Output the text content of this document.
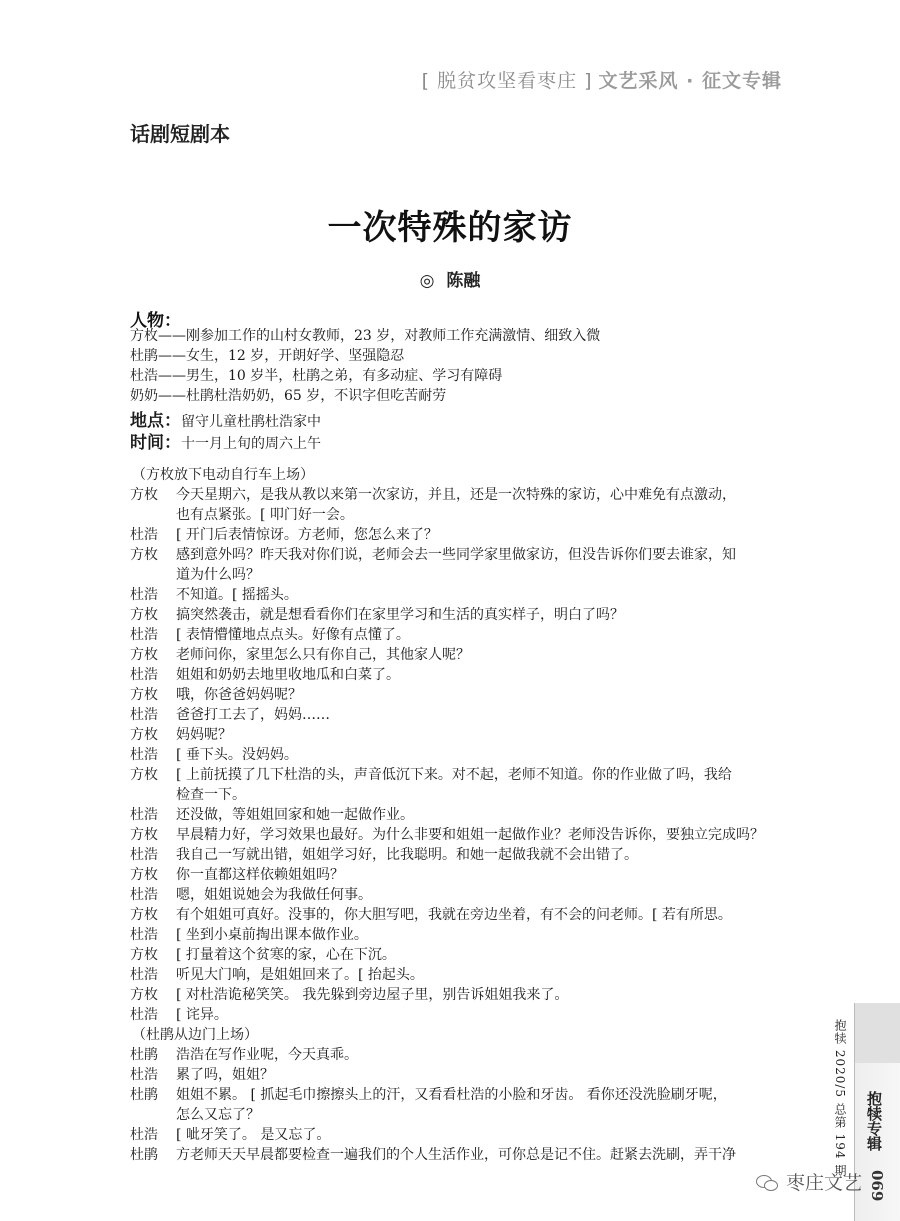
[ 脱贫攻坚看枣庄 ] 文艺采风 · 征文专辑
话剧短剧本
一次特殊的家访
◎ 陈融
人物：
方枚——刚参加工作的山村女教师，23 岁，对教师工作充满激情、细致入微
杜鹃——女生，12 岁，开朗好学、坚强隐忍
杜浩——男生，10 岁半，杜鹃之弟，有多动症、学习有障碍
奶奶——杜鹃杜浩奶奶，65 岁，不识字但吃苦耐劳
地点：留守儿童杜鹃杜浩家中
时间：十一月上旬的周六上午
（方枚放下电动自行车上场）
方枚	今天星期六，是我从教以来第一次家访，并且，还是一次特殊的家访，心中难免有点激动，
也有点紧张。[ 叩门好一会。
杜浩	[ 开门后表情惊讶。方老师，您怎么来了？
方枚	感到意外吗？昨天我对你们说，老师会去一些同学家里做家访，但没告诉你们要去谁家，知
道为什么吗？
杜浩	不知道。[ 摇摇头。
方枚	搞突然袭击，就是想看看你们在家里学习和生活的真实样子，明白了吗？
杜浩	[ 表情懵懂地点点头。好像有点懂了。
方枚	老师问你，家里怎么只有你自己，其他家人呢？
杜浩	姐姐和奶奶去地里收地瓜和白菜了。
方枚	哦，你爸爸妈妈呢？
杜浩	爸爸打工去了，妈妈……
方枚	妈妈呢？
杜浩	[ 垂下头。没妈妈。
方枚	[ 上前抚摸了几下杜浩的头，声音低沉下来。对不起，老师不知道。你的作业做了吗，我给
检查一下。
杜浩	还没做，等姐姐回家和她一起做作业。
方枚	早晨精力好，学习效果也最好。为什么非要和姐姐一起做作业？老师没告诉你，要独立完成吗？
杜浩	我自己一写就出错，姐姐学习好，比我聪明。和她一起做我就不会出错了。
方枚	你一直都这样依赖姐姐吗？
杜浩	嗯，姐姐说她会为我做任何事。
方枚	有个姐姐可真好。没事的，你大胆写吧，我就在旁边坐着，有不会的问老师。[ 若有所思。
杜浩	[ 坐到小桌前掏出课本做作业。
方枚	[ 打量着这个贫寒的家，心在下沉。
杜浩	听见大门响，是姐姐回来了。[ 抬起头。
方枚	[ 对杜浩诡秘笑笑。 我先躲到旁边屋子里，别告诉姐姐我来了。
杜浩	[ 诧异。
（杜鹃从边门上场）
杜鹃	浩浩在写作业呢，今天真乖。
杜浩	累了吗，姐姐？
杜鹃	姐姐不累。 [ 抓起毛巾擦擦头上的汗，又看看杜浩的小脸和牙齿。 看你还没洗脸刷牙呢，
怎么又忘了？
杜浩	[ 呲牙笑了。 是又忘了。
杜鹃	方老师天天早晨都要检查一遍我们的个人生活作业，可你总是记不住。赶紧去洗刷，弄干净	抱犊 2020/5 总第 194 期 抱犊专辑
069
枣庄文艺
